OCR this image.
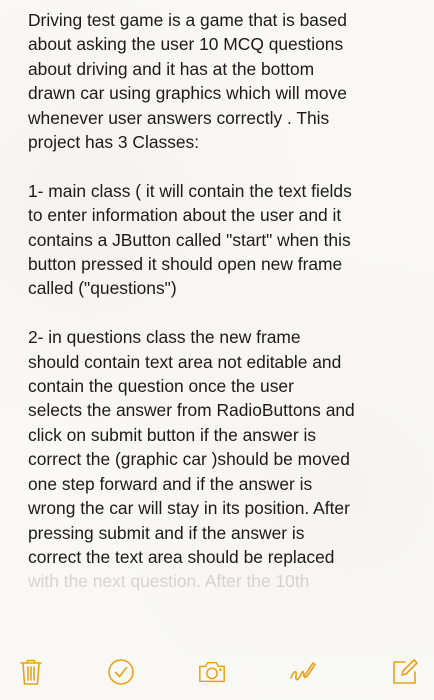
Driving test game is a game that is based
about asking the user 10 MCQ questions
about driving and it has at the bottom
drawn car using graphics which will move
whenever user answers correctly . This
project has 3 Classes:
1- main class ( it will contain the text fields
to enter information about the user and it
contains a JButton called "start" when this
button pressed it should open new frame
called ("questions")
2- in questions class the new frame
should contain text area not editable and
contain the question once the user
selects the answer from RadioButtons and
click on submit button if the answer is
correct the (graphic car )should be moved
one step forward and if the answer is
wrong the car will stay in its position. After
pressing submit and if the answer is
correct the text area should be replaced
with the next question. After the 10th
